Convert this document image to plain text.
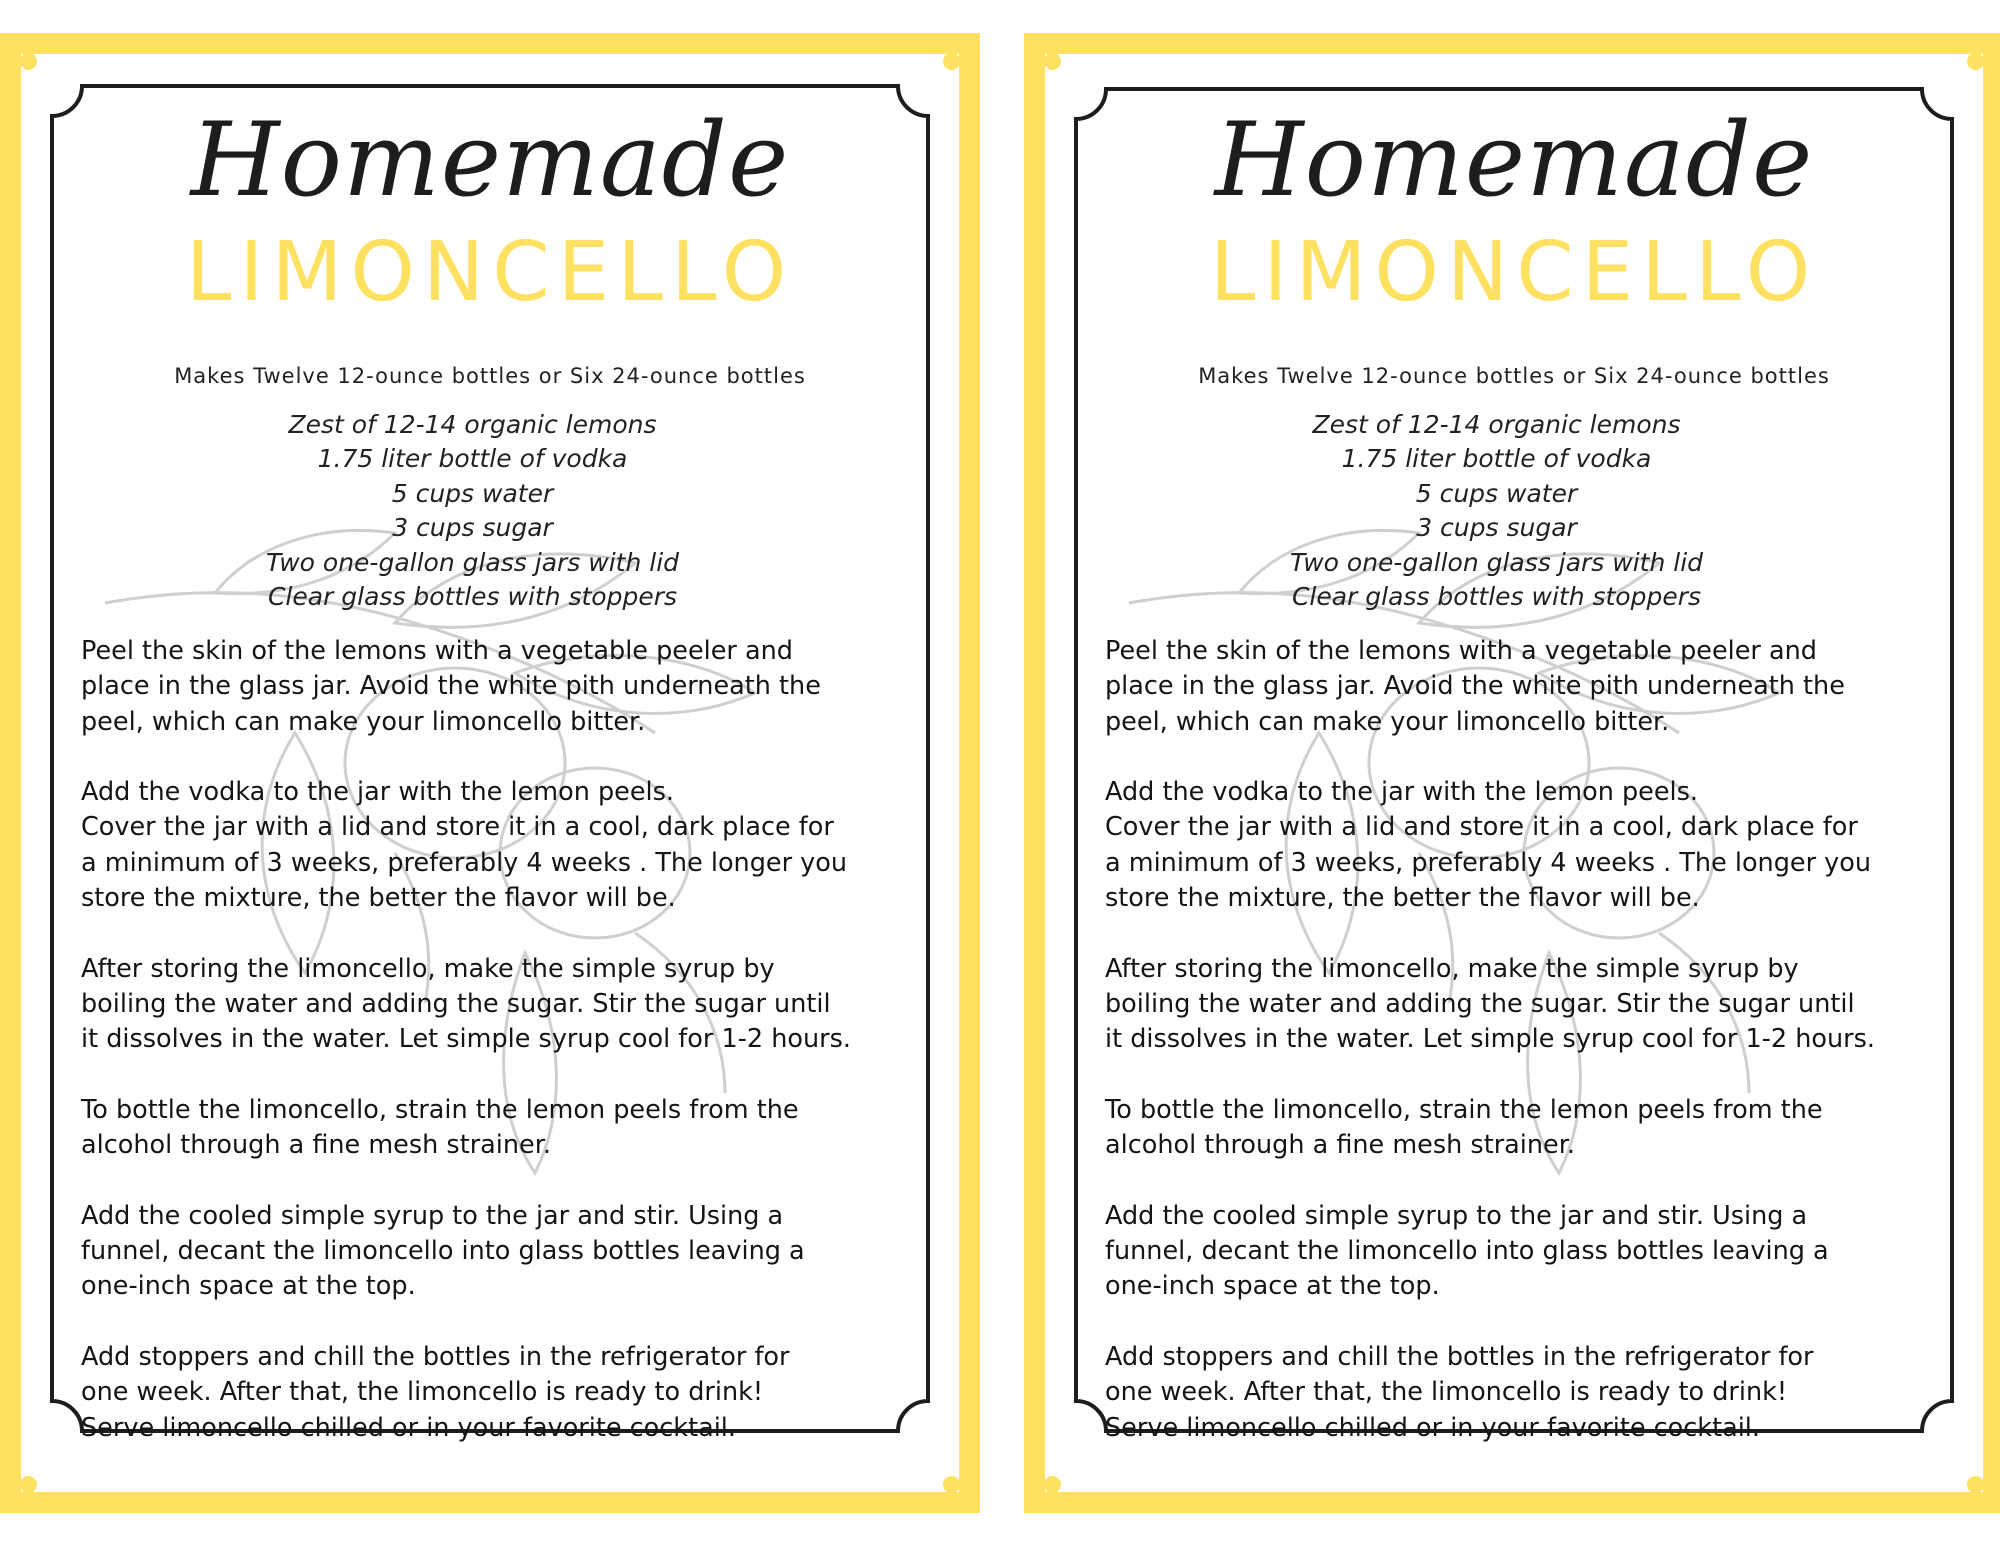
Homemade
LIMONCELLO
Makes Twelve 12-ounce bottles or Six 24-ounce bottles
Zest of 12-14 organic lemons
1.75 liter bottle of vodka
5 cups water
3 cups sugar
Two one-gallon glass jars with lid
Clear glass bottles with stoppers

Peel the skin of the lemons with a vegetable peeler and
place in the glass jar. Avoid the white pith underneath the
peel, which can make your limoncello bitter.

Add the vodka to the jar with the lemon peels.
Cover the jar with a lid and store it in a cool, dark place for
a minimum of 3 weeks, preferably 4 weeks . The longer you
store the mixture, the better the flavor will be.

After storing the limoncello, make the simple syrup by
boiling the water and adding the sugar. Stir the sugar until
it dissolves in the water. Let simple syrup cool for 1-2 hours.

To bottle the limoncello, strain the lemon peels from the
alcohol through a fine mesh strainer.

Add the cooled simple syrup to the jar and stir. Using a
funnel, decant the limoncello into glass bottles leaving a
one-inch space at the top.

Add stoppers and chill the bottles in the refrigerator for
one week. After that, the limoncello is ready to drink!
Serve limoncello chilled or in your favorite cocktail.

Homemade
LIMONCELLO
Makes Twelve 12-ounce bottles or Six 24-ounce bottles
Zest of 12-14 organic lemons
1.75 liter bottle of vodka
5 cups water
3 cups sugar
Two one-gallon glass jars with lid
Clear glass bottles with stoppers

Peel the skin of the lemons with a vegetable peeler and
place in the glass jar. Avoid the white pith underneath the
peel, which can make your limoncello bitter.

Add the vodka to the jar with the lemon peels.
Cover the jar with a lid and store it in a cool, dark place for
a minimum of 3 weeks, preferably 4 weeks . The longer you
store the mixture, the better the flavor will be.

After storing the limoncello, make the simple syrup by
boiling the water and adding the sugar. Stir the sugar until
it dissolves in the water. Let simple syrup cool for 1-2 hours.

To bottle the limoncello, strain the lemon peels from the
alcohol through a fine mesh strainer.

Add the cooled simple syrup to the jar and stir. Using a
funnel, decant the limoncello into glass bottles leaving a
one-inch space at the top.

Add stoppers and chill the bottles in the refrigerator for
one week. After that, the limoncello is ready to drink!
Serve limoncello chilled or in your favorite cocktail.
